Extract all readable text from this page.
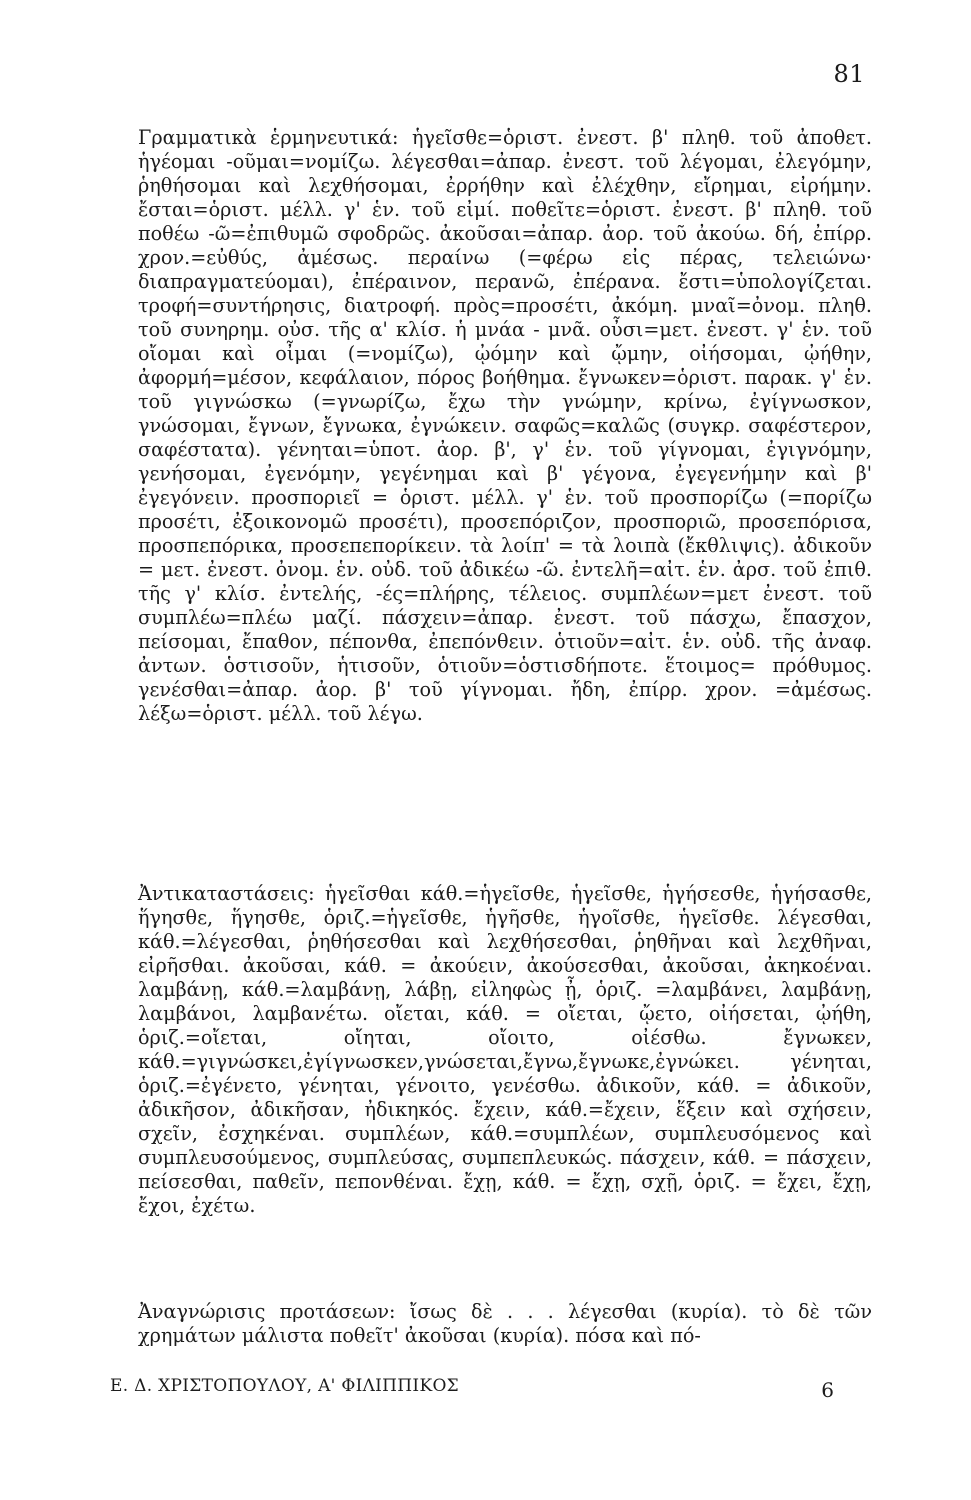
81

Γραμματικὰ ἑρμηνευτικά: ἡγεῖσθε=ὁριστ. ἐνεστ. β' πληθ. τοῦ ἀποθετ. ἡγέομαι -οῦμαι=νομίζω. λέγεσθαι=ἀπαρ. ἐνεστ. τοῦ λέγομαι, ἐλεγόμην, ῥηθήσομαι καὶ λεχθήσομαι, ἐρρήθην καὶ ἐλέχθην, εἴρημαι, εἰρήμην. ἔσται=ὁριστ. μέλλ. γ' ἑν. τοῦ εἰμί. ποθεῖτε=ὁριστ. ἐνεστ. β' πληθ. τοῦ ποθέω -ῶ=ἐπιθυμῶ σφοδρῶς. ἀκοῦσαι=ἀπαρ. ἀορ. τοῦ ἀκούω. δή, ἐπίρρ. χρον.=εὐθύς, ἀμέσως. περαίνω (=φέρω εἰς πέρας, τελειώνω· διαπραγματεύομαι), ἐπέραινον, περανῶ, ἐπέρανα. ἔστι=ὑπολογίζεται. τροφή=συντήρησις, διατροφή. πρὸς=προσέτι, ἀκόμη. μναῖ=ὀνομ. πληθ. τοῦ συνηρημ. οὐσ. τῆς α' κλίσ. ἡ μνάα - μνᾶ. οὖσι=μετ. ἐνεστ. γ' ἑν. τοῦ οἴομαι καὶ οἶμαι (=νομίζω), ᾠόμην καὶ ᾤμην, οἰήσομαι, ᾠήθην, ἀφορμή=μέσον, κεφάλαιον, πόρος βοήθημα. ἔγνωκεν=ὁριστ. παρακ. γ' ἑν. τοῦ γιγνώσκω (=γνωρίζω, ἔχω τὴν γνώμην, κρίνω, ἐγίγνωσκον, γνώσομαι, ἔγνων, ἔγνωκα, ἐγνώκειν. σαφῶς=καλῶς (συγκρ. σαφέστερον, σαφέστατα). γένηται=ὑποτ. ἀορ. β', γ' ἑν. τοῦ γίγνομαι, ἐγιγνόμην, γενήσομαι, ἐγενόμην, γεγένημαι καὶ β' γέγονα, ἐγεγενήμην καὶ β' ἐγεγόνειν. προσποριεῖ = ὁριστ. μέλλ. γ' ἑν. τοῦ προσπορίζω (=πορίζω προσέτι, ἐξοικονομῶ προσέτι), προσεπόριζον, προσποριῶ, προσεπόρισα, προσπεπόρικα, προσεπεπορίκειν. τὰ λοίπ' = τὰ λοιπὰ (ἔκθλιψις). ἀδικοῦν = μετ. ἐνεστ. ὀνομ. ἑν. οὐδ. τοῦ ἀδικέω -ῶ. ἐντελῆ=αἰτ. ἑν. ἀρσ. τοῦ ἐπιθ. τῆς γ' κλίσ. ἐντελής, -ές=πλήρης, τέλειος. συμπλέων=μετ ἐνεστ. τοῦ συμπλέω=πλέω μαζί. πάσχειν=ἀπαρ. ἐνεστ. τοῦ πάσχω, ἔπασχον, πείσομαι, ἔπαθον, πέπονθα, ἐπεπόνθειν. ὁτιοῦν=αἰτ. ἑν. οὐδ. τῆς ἀναφ. ἀντων. ὁστισοῦν, ἡτισοῦν, ὁτιοῦν=ὁστισδήποτε. ἕτοιμος= πρόθυμος. γενέσθαι=ἀπαρ. ἀορ. β' τοῦ γίγνομαι. ἤδη, ἐπίρρ. χρον. =ἀμέσως. λέξω=ὁριστ. μέλλ. τοῦ λέγω.

Ἀντικαταστάσεις: ἡγεῖσθαι κάθ.=ἡγεῖσθε, ἡγεῖσθε, ἡγήσεσθε, ἡγήσασθε, ἥγησθε, ἥγησθε, ὁριζ.=ἡγεῖσθε, ἡγῆσθε, ἡγοῖσθε, ἡγεῖσθε. λέγεσθαι, κάθ.=λέγεσθαι, ῥηθήσεσθαι καὶ λεχθήσεσθαι, ῥηθῆναι καὶ λεχθῆναι, εἰρῆσθαι. ἀκοῦσαι, κάθ. = ἀκούειν, ἀκούσεσθαι, ἀκοῦσαι, ἀκηκοέναι. λαμβάνῃ, κάθ.=λαμβάνῃ, λάβῃ, εἰληφὼς ᾖ, ὁριζ. =λαμβάνει, λαμβάνῃ, λαμβάνοι, λαμβανέτω. οἴεται, κάθ. = οἴεται, ᾤετο, οἰήσεται, ᾠήθη, ὁριζ.=οἴεται, οἴηται, οἴοιτο, οἰέσθω. ἔγνωκεν, κάθ.=γιγνώσκει,ἐγίγνωσκεν,γνώσεται,ἔγνω,ἔγνωκε,ἐγνώκει. γένηται, ὁριζ.=ἐγένετο, γένηται, γένοιτο, γενέσθω. ἀδικοῦν, κάθ. = ἀδικοῦν, ἀδικῆσον, ἀδικῆσαν, ἠδικηκός. ἔχειν, κάθ.=ἔχειν, ἕξειν καὶ σχήσειν, σχεῖν, ἐσχηκέναι. συμπλέων, κάθ.=συμπλέων, συμπλευσόμενος καὶ συμπλευσούμενος, συμπλεύσας, συμπεπλευκώς. πάσχειν, κάθ. = πάσχειν, πείσεσθαι, παθεῖν, πεπονθέναι. ἔχῃ, κάθ. = ἔχῃ, σχῇ, ὁριζ. = ἔχει, ἔχῃ, ἔχοι, ἐχέτω.

Ἀναγνώρισις προτάσεων: ἴσως δὲ . . . λέγεσθαι (κυρία). τὸ δὲ τῶν χρημάτων μάλιστα ποθεῖτ' ἀκοῦσαι (κυρία). πόσα καὶ πό-

Ε. Δ. ΧΡΙΣΤΟΠΟΥΛΟΥ, Α' ΦΙΛΙΠΠΙΚΟΣ	6
